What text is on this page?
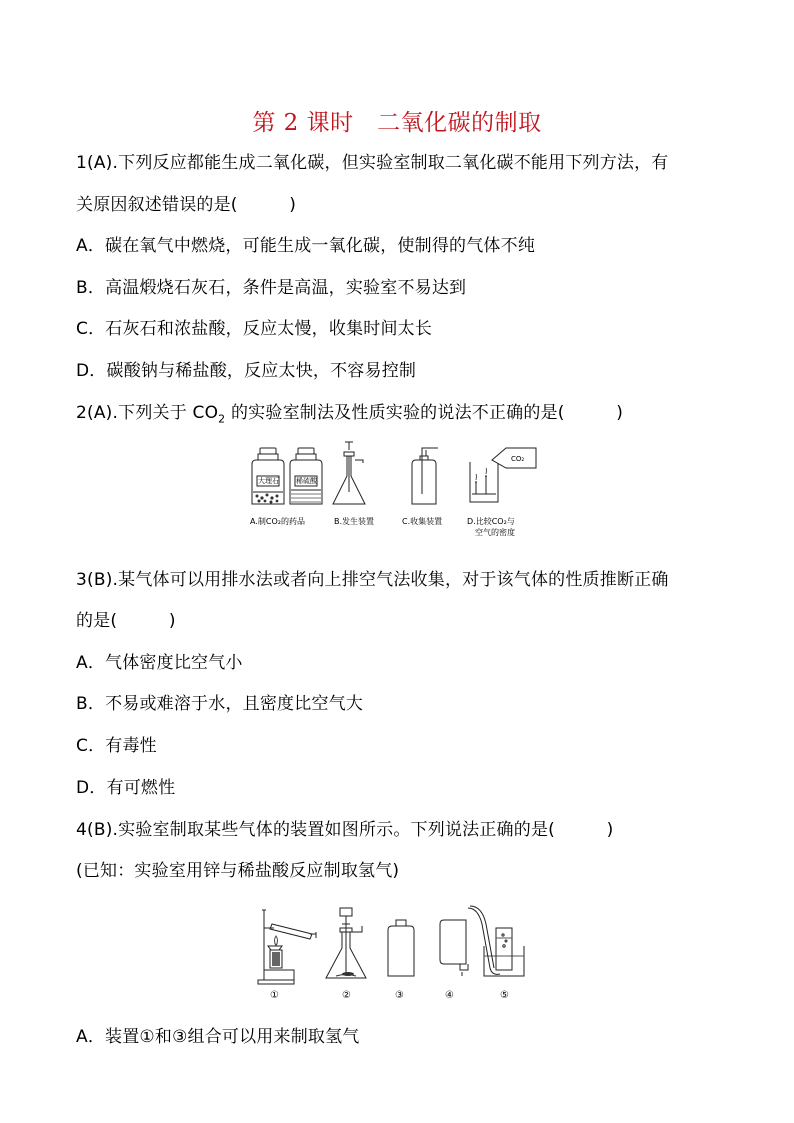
第 2 课时　二氧化碳的制取
1(A).下列反应都能生成二氧化碳，但实验室制取二氧化碳不能用下列方法，有
关原因叙述错误的是(　　　)
A．碳在氧气中燃烧，可能生成一氧化碳，使制得的气体不纯
B．高温煅烧石灰石，条件是高温，实验室不易达到
C．石灰石和浓盐酸，反应太慢，收集时间太长
D．碳酸钠与稀盐酸，反应太快，不容易控制
2(A).下列关于 $CO_2$ 的实验室制法及性质实验的说法不正确的是(　　　)
大理石 稀硫酸
CO₂
A.制CO₂的药品	B.发生装置	C.收集装置	D.比较CO₂与
空气的密度
3(B).某气体可以用排水法或者向上排空气法收集，对于该气体的性质推断正确
的是(　　　)
A．气体密度比空气小
B．不易或难溶于水，且密度比空气大
C．有毒性
D．有可燃性
4(B).实验室制取某些气体的装置如图所示。下列说法正确的是(　　　)
(已知：实验室用锌与稀盐酸反应制取氢气)
①	②	③	④	⑤
A．装置①和③组合可以用来制取氢气
